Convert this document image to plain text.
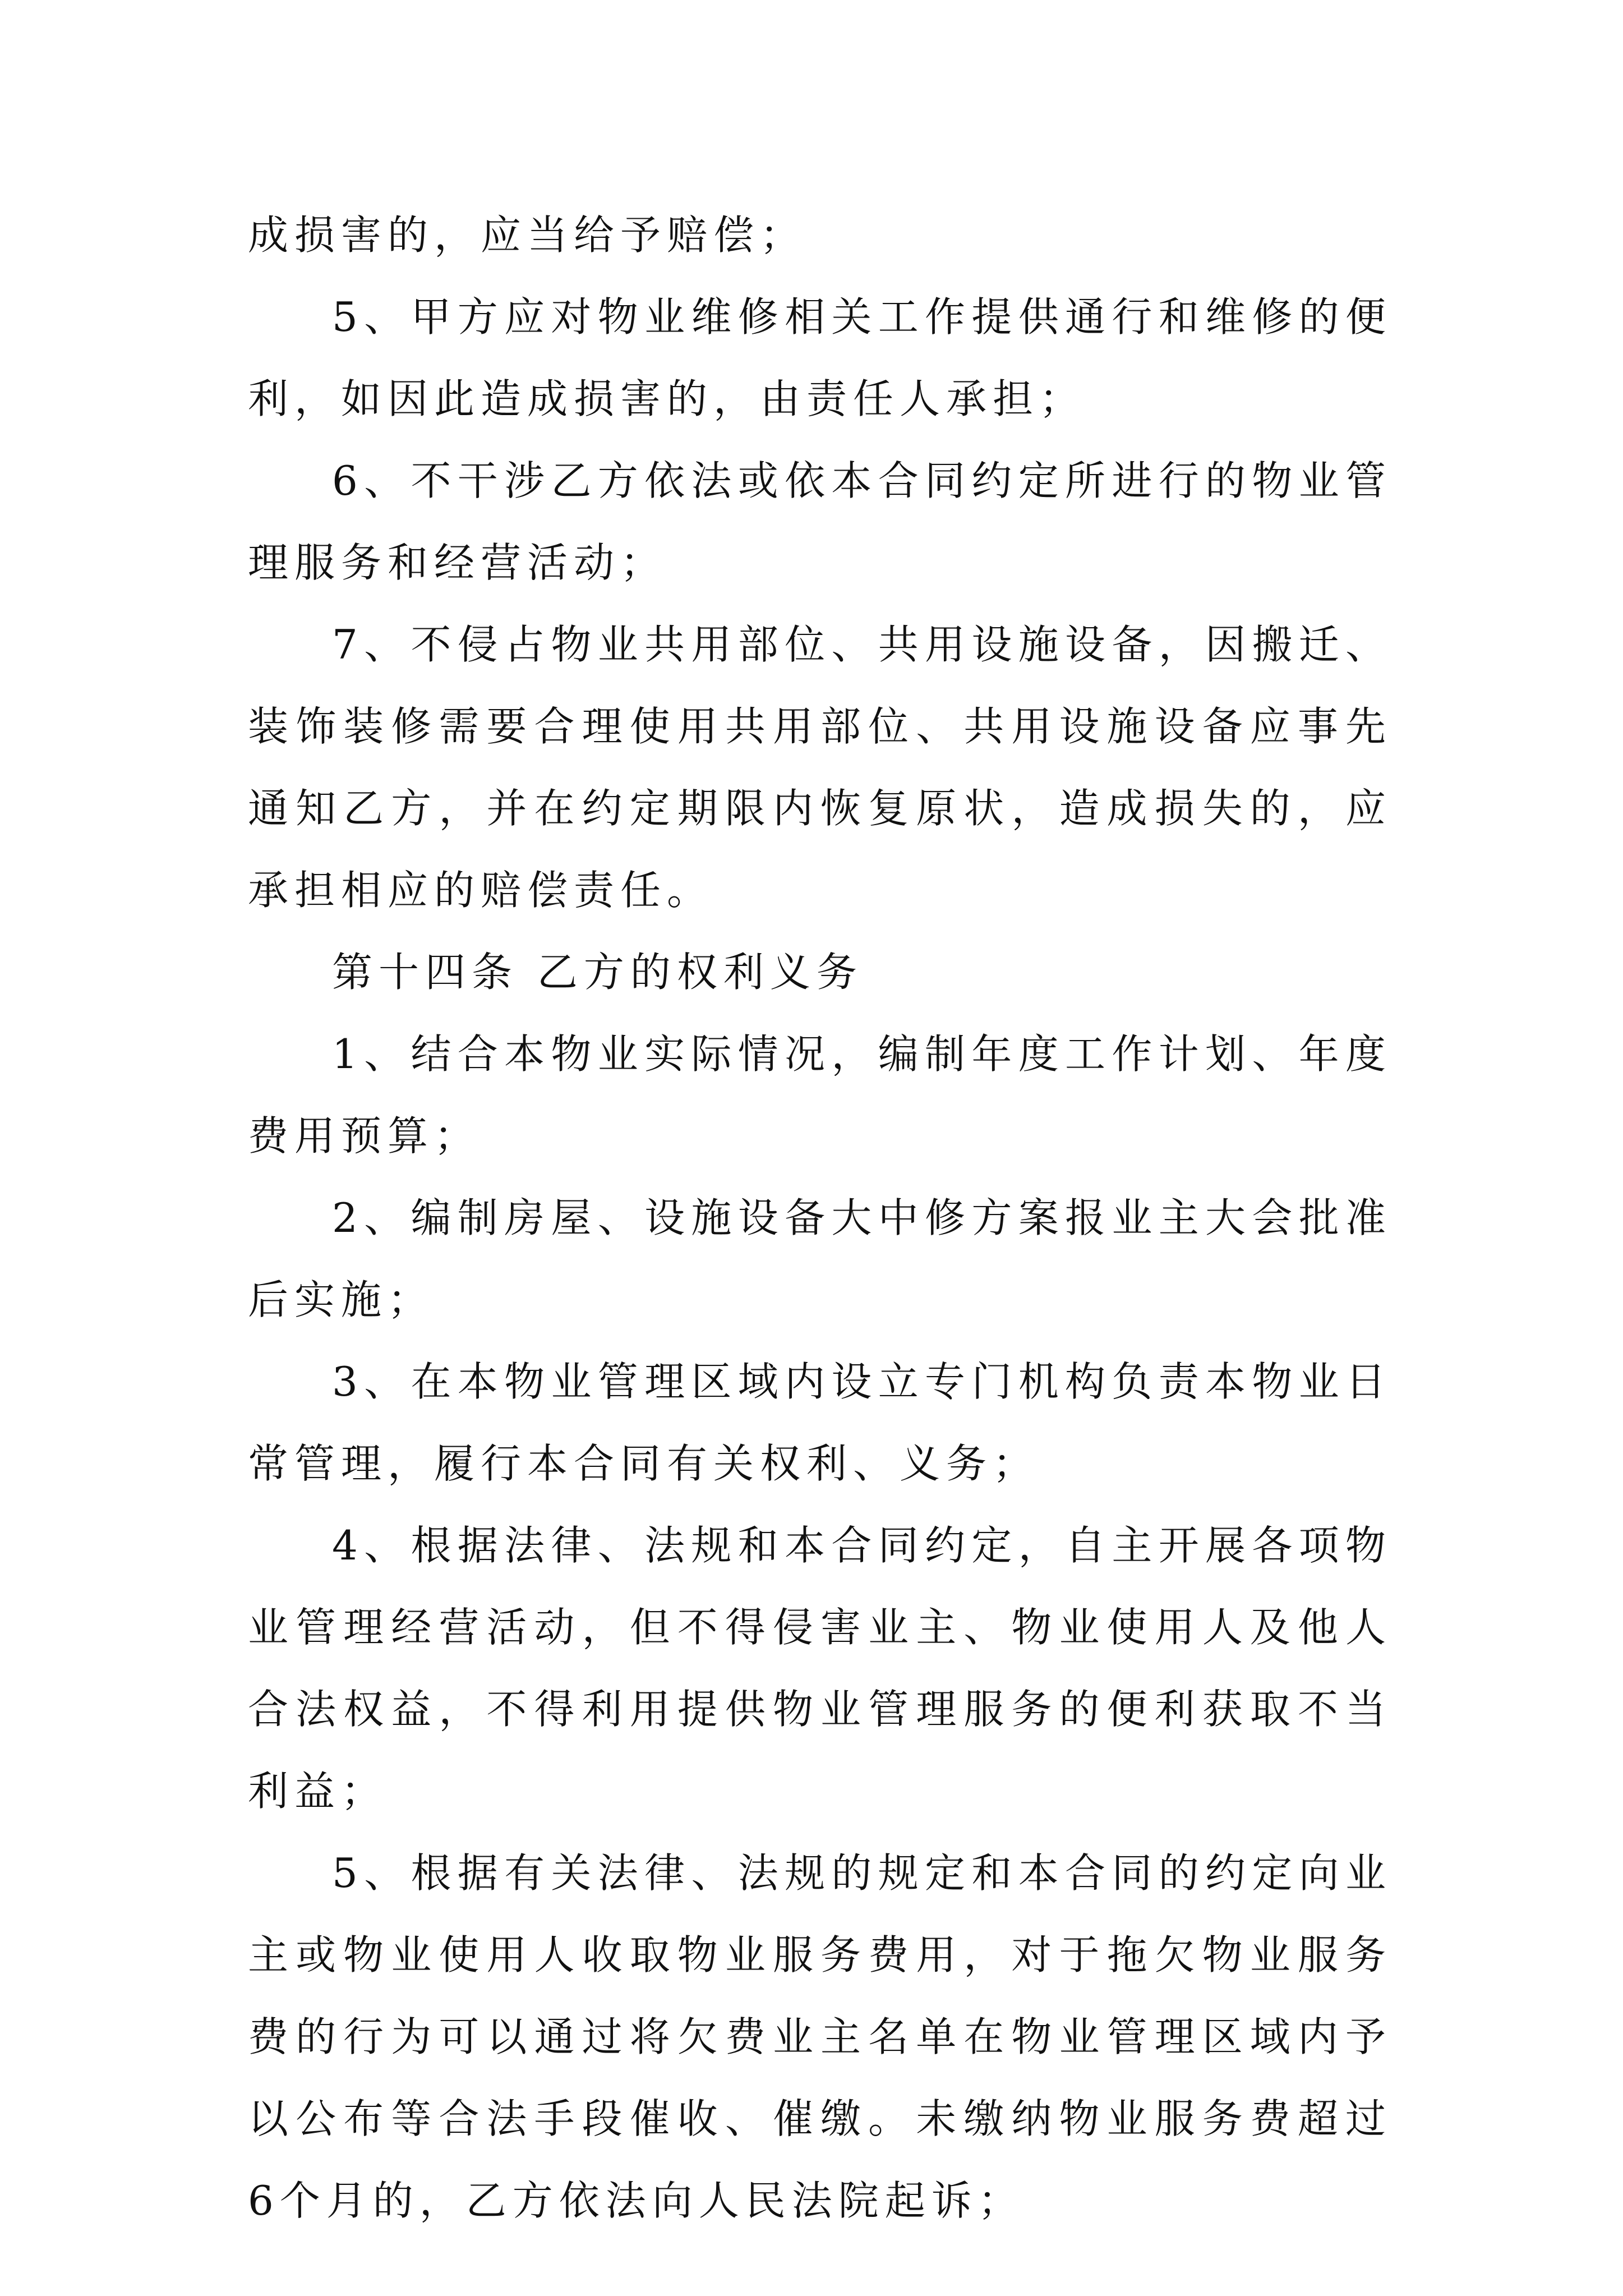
成损害的，应当给予赔偿；

5、甲方应对物业维修相关工作提供通行和维修的便利，如因此造成损害的，由责任人承担；

6、不干涉乙方依法或依本合同约定所进行的物业管理服务和经营活动；

7、不侵占物业共用部位、共用设施设备，因搬迁、装饰装修需要合理使用共用部位、共用设施设备应事先通知乙方，并在约定期限内恢复原状，造成损失的，应承担相应的赔偿责任。

第十四条 乙方的权利义务

1、结合本物业实际情况，编制年度工作计划、年度费用预算；

2、编制房屋、设施设备大中修方案报业主大会批准后实施；

3、在本物业管理区域内设立专门机构负责本物业日常管理，履行本合同有关权利、义务；

4、根据法律、法规和本合同约定，自主开展各项物业管理经营活动，但不得侵害业主、物业使用人及他人合法权益，不得利用提供物业管理服务的便利获取不当利益；

5、根据有关法律、法规的规定和本合同的约定向业主或物业使用人收取物业服务费用，对于拖欠物业服务费的行为可以通过将欠费业主名单在物业管理区域内予以公布等合法手段催收、催缴。未缴纳物业服务费超过6个月的，乙方依法向人民法院起诉；
